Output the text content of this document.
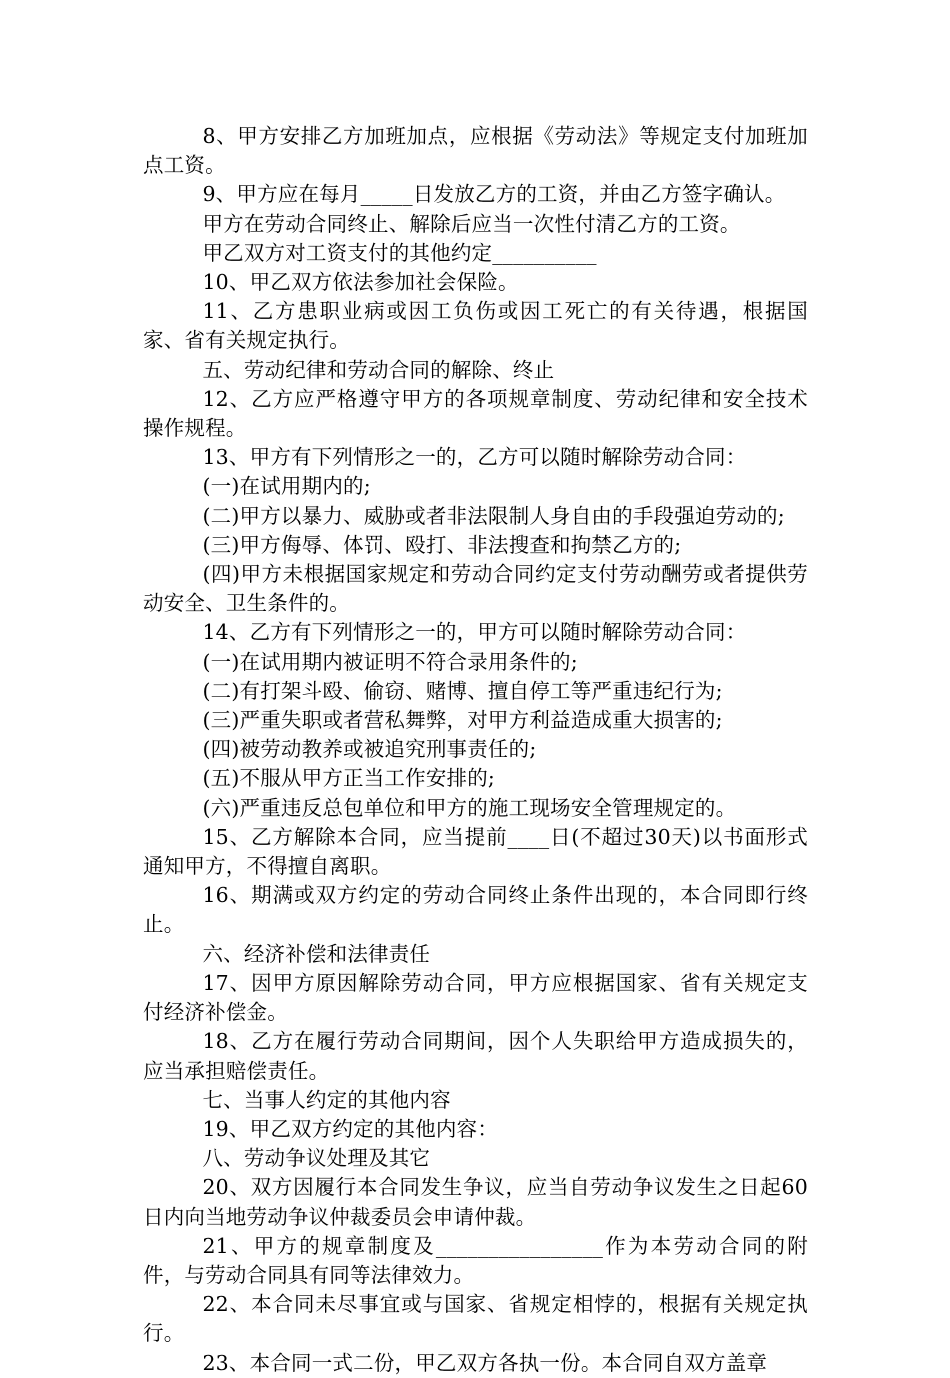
8、甲方安排乙方加班加点，应根据《劳动法》等规定支付加班加点工资。

9、甲方应在每月_____日发放乙方的工资，并由乙方签字确认。

甲方在劳动合同终止、解除后应当一次性付清乙方的工资。

甲乙双方对工资支付的其他约定__________

10、甲乙双方依法参加社会保险。

11、乙方患职业病或因工负伤或因工死亡的有关待遇，根据国家、省有关规定执行。

五、劳动纪律和劳动合同的解除、终止

12、乙方应严格遵守甲方的各项规章制度、劳动纪律和安全技术操作规程。

13、甲方有下列情形之一的，乙方可以随时解除劳动合同：

(一)在试用期内的;

(二)甲方以暴力、威胁或者非法限制人身自由的手段强迫劳动的;

(三)甲方侮辱、体罚、殴打、非法搜查和拘禁乙方的;

(四)甲方未根据国家规定和劳动合同约定支付劳动酬劳或者提供劳动安全、卫生条件的。

14、乙方有下列情形之一的，甲方可以随时解除劳动合同：

(一)在试用期内被证明不符合录用条件的;

(二)有打架斗殴、偷窃、赌博、擅自停工等严重违纪行为;

(三)严重失职或者营私舞弊，对甲方利益造成重大损害的;

(四)被劳动教养或被追究刑事责任的;

(五)不服从甲方正当工作安排的;

(六)严重违反总包单位和甲方的施工现场安全管理规定的。

15、乙方解除本合同，应当提前____日(不超过30天)以书面形式通知甲方，不得擅自离职。

16、期满或双方约定的劳动合同终止条件出现的，本合同即行终止。

六、经济补偿和法律责任

17、因甲方原因解除劳动合同，甲方应根据国家、省有关规定支付经济补偿金。

18、乙方在履行劳动合同期间，因个人失职给甲方造成损失的，应当承担赔偿责任。

七、当事人约定的其他内容

19、甲乙双方约定的其他内容：

八、劳动争议处理及其它

20、双方因履行本合同发生争议，应当自劳动争议发生之日起60日内向当地劳动争议仲裁委员会申请仲裁。

21、甲方的规章制度及________________作为本劳动合同的附件，与劳动合同具有同等法律效力。

22、本合同未尽事宜或与国家、省规定相悖的，根据有关规定执行。

23、本合同一式二份，甲乙双方各执一份。本合同自双方盖章
